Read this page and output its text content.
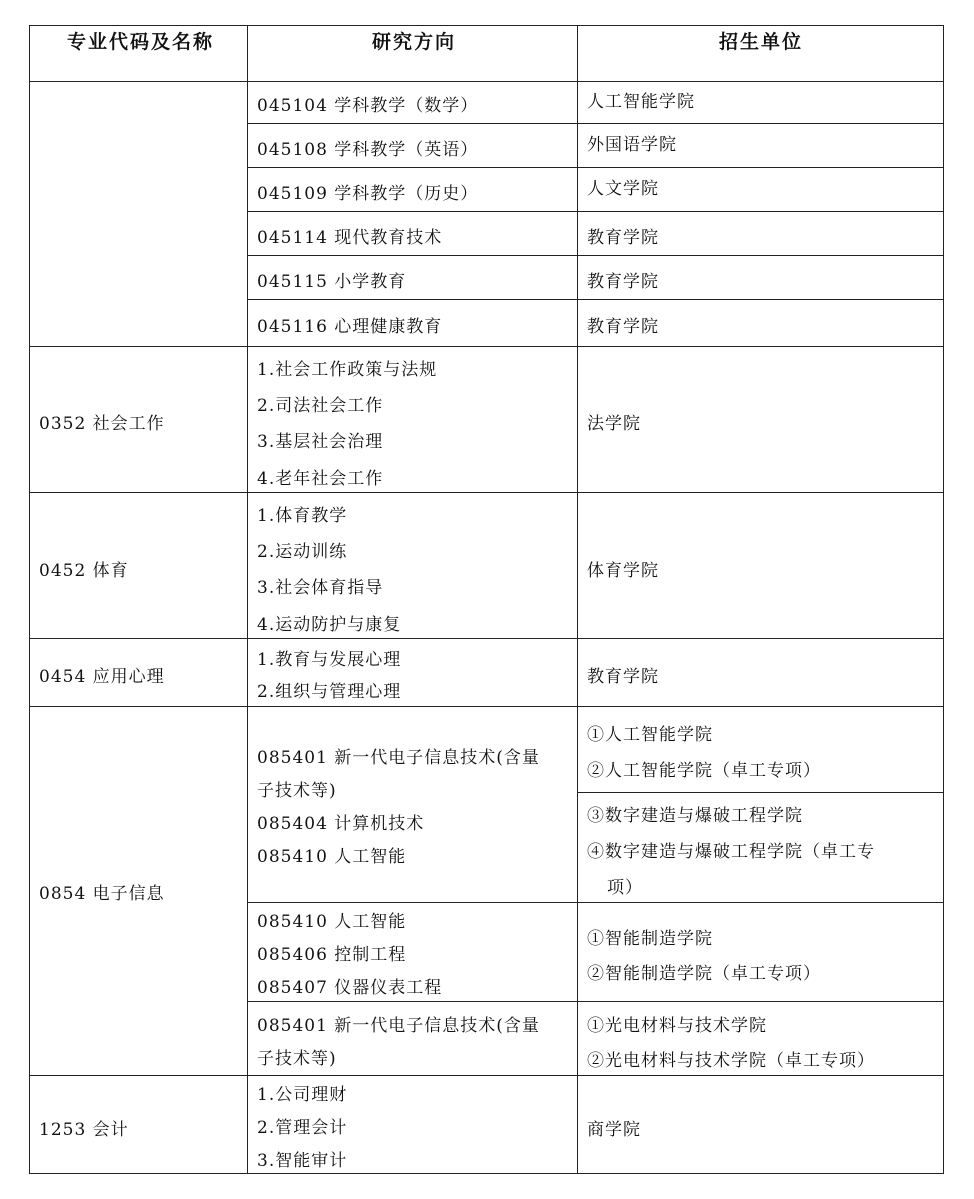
专业代码及名称	研究方向	招生单位
045104 学科教学（数学）
045108 学科教学（英语）
045109 学科教学（历史）
045114 现代教育技术
045115 小学教育
045116 心理健康教育
人工智能学院
外国语学院
人文学院
教育学院
教育学院
教育学院
0352 社会工作
1.社会工作政策与法规
2.司法社会工作
3.基层社会治理
4.老年社会工作
法学院
0452 体育
1.体育教学
2.运动训练
3.社会体育指导
4.运动防护与康复
体育学院
0454 应用心理
1.教育与发展心理
2.组织与管理心理
教育学院
0854 电子信息
085401 新一代电子信息技术(含量
子技术等)
085404 计算机技术
085410 人工智能
①人工智能学院
②人工智能学院（卓工专项）
③数字建造与爆破工程学院
④数字建造与爆破工程学院（卓工专
项）
085410 人工智能
085406 控制工程
085407 仪器仪表工程
①智能制造学院
②智能制造学院（卓工专项）
085401 新一代电子信息技术(含量
子技术等)
①光电材料与技术学院
②光电材料与技术学院（卓工专项）
1253 会计
1.公司理财
2.管理会计
3.智能审计
商学院
